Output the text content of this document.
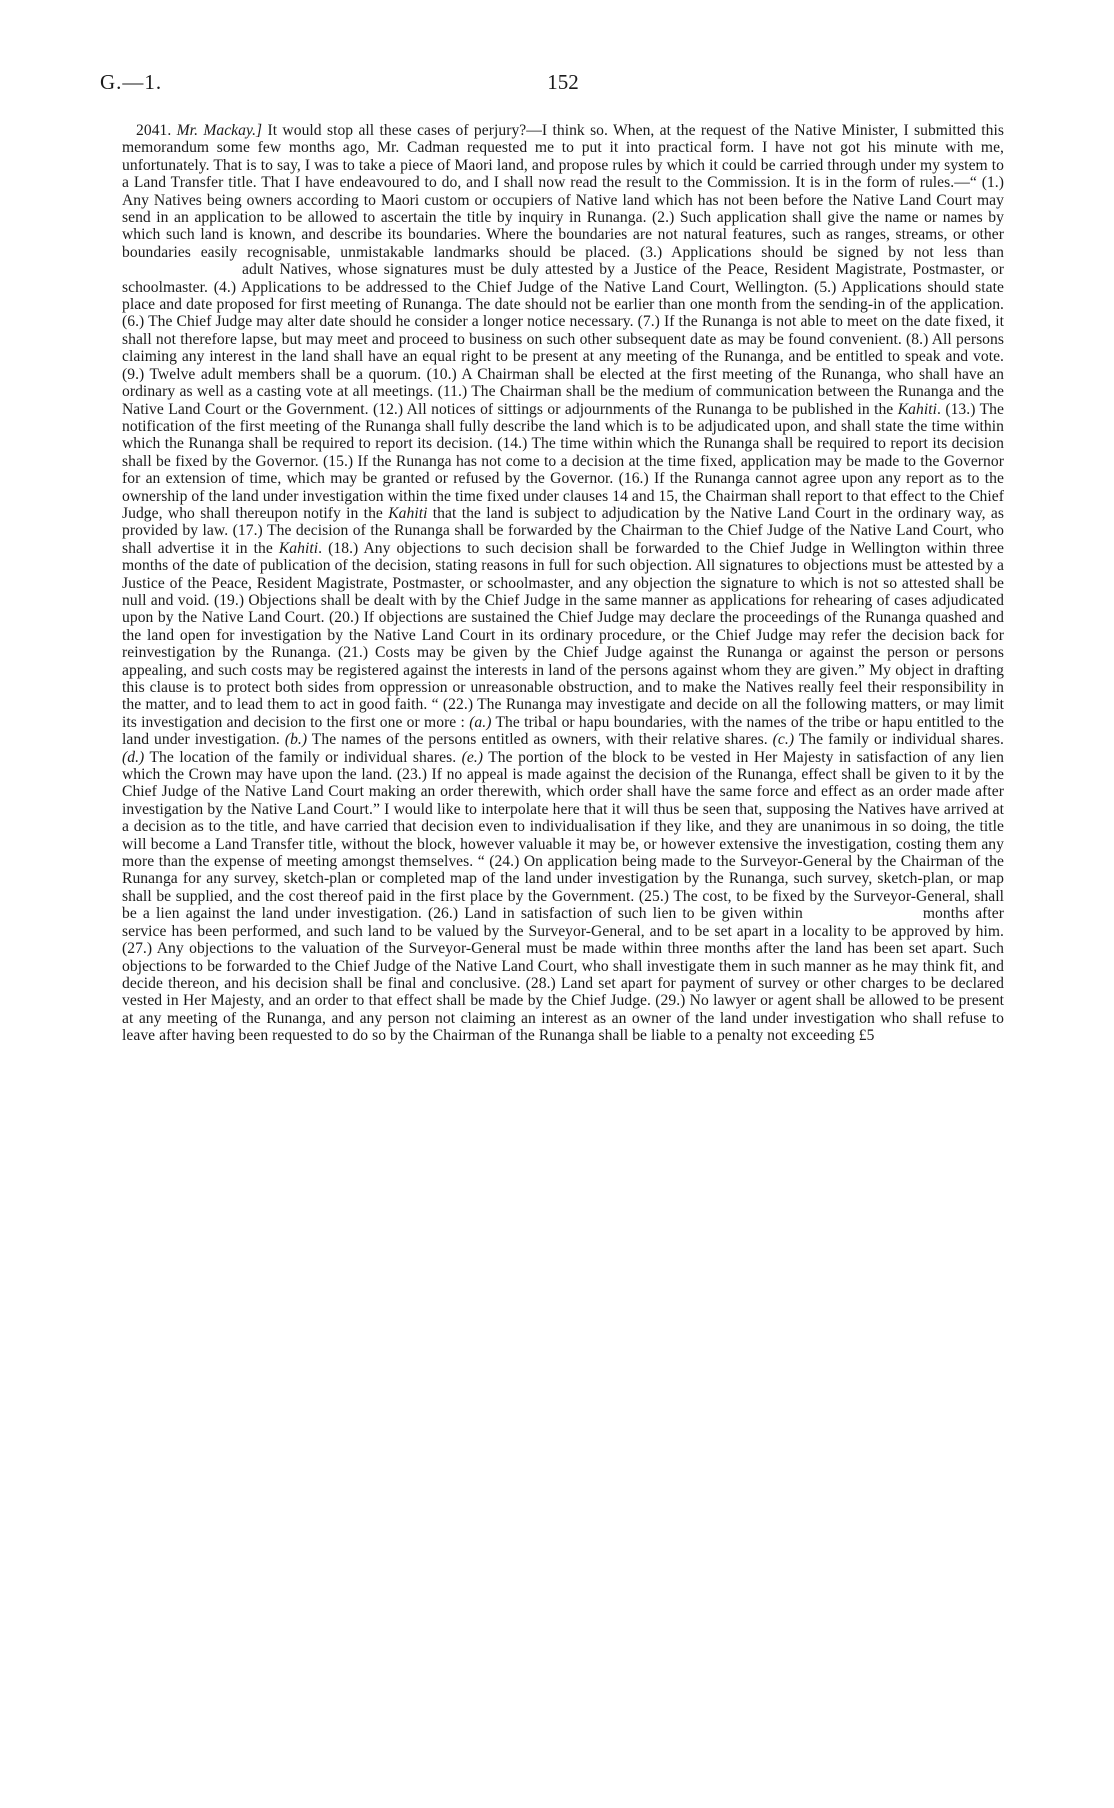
G.—1.	152

2041. Mr. Mackay.] It would stop all these cases of perjury?—I think so. When, at the request of the Native Minister, I submitted this memorandum some few months ago, Mr. Cadman requested me to put it into practical form. I have not got his minute with me, unfortunately. That is to say, I was to take a piece of Maori land, and propose rules by which it could be carried through under my system to a Land Transfer title. That I have endeavoured to do, and I shall now read the result to the Commission. It is in the form of rules.—“ (1.) Any Natives being owners according to Maori custom or occupiers of Native land which has not been before the Native Land Court may send in an application to be allowed to ascertain the title by inquiry in Runanga. (2.) Such application shall give the name or names by which such land is known, and describe its boundaries. Where the boundaries are not natural features, such as ranges, streams, or other boundaries easily recognisable, unmistakable landmarks should be placed. (3.) Applications should be signed by not less thanadult Natives, whose signatures must be duly attested by a Justice of the Peace, Resident Magistrate, Postmaster, or schoolmaster. (4.) Applications to be addressed to the Chief Judge of the Native Land Court, Wellington. (5.) Applications should state place and date proposed for first meeting of Runanga. The date should not be earlier than one month from the sending-in of the application. (6.) The Chief Judge may alter date should he consider a longer notice necessary. (7.) If the Runanga is not able to meet on the date fixed, it shall not therefore lapse, but may meet and proceed to business on such other subsequent date as may be found convenient. (8.) All persons claiming any interest in the land shall have an equal right to be present at any meeting of the Runanga, and be entitled to speak and vote. (9.) Twelve adult members shall be a quorum. (10.) A Chairman shall be elected at the first meeting of the Runanga, who shall have an ordinary as well as a casting vote at all meetings. (11.) The Chairman shall be the medium of communication between the Runanga and the Native Land Court or the Government. (12.) All notices of sittings or adjournments of the Runanga to be published in the Kahiti. (13.) The notification of the first meeting of the Runanga shall fully describe the land which is to be adjudicated upon, and shall state the time within which the Runanga shall be required to report its decision. (14.) The time within which the Runanga shall be required to report its decision shall be fixed by the Governor. (15.) If the Runanga has not come to a decision at the time fixed, application may be made to the Governor for an extension of time, which may be granted or refused by the Governor. (16.) If the Runanga cannot agree upon any report as to the ownership of the land under investigation within the time fixed under clauses 14 and 15, the Chairman shall report to that effect to the Chief Judge, who shall thereupon notify in the Kahiti that the land is subject to adjudication by the Native Land Court in the ordinary way, as provided by law. (17.) The decision of the Runanga shall be forwarded by the Chairman to the Chief Judge of the Native Land Court, who shall advertise it in the Kahiti. (18.) Any objections to such decision shall be forwarded to the Chief Judge in Wellington within three months of the date of publication of the decision, stating reasons in full for such objection. All signatures to objections must be attested by a Justice of the Peace, Resident Magistrate, Postmaster, or schoolmaster, and any objection the signature to which is not so attested shall be null and void. (19.) Objections shall be dealt with by the Chief Judge in the same manner as applications for rehearing of cases adjudicated upon by the Native Land Court. (20.) If objections are sustained the Chief Judge may declare the proceedings of the Runanga quashed and the land open for investigation by the Native Land Court in its ordinary procedure, or the Chief Judge may refer the decision back for reinvestigation by the Runanga. (21.) Costs may be given by the Chief Judge against the Runanga or against the person or persons appealing, and such costs may be registered against the interests in land of the persons against whom they are given.” My object in drafting this clause is to protect both sides from oppression or unreasonable obstruction, and to make the Natives really feel their responsibility in the matter, and to lead them to act in good faith. “ (22.) The Runanga may investigate and decide on all the following matters, or may limit its investigation and decision to the first one or more : (a.) The tribal or hapu boundaries, with the names of the tribe or hapu entitled to the land under investigation. (b.) The names of the persons entitled as owners, with their relative shares. (c.) The family or individual shares. (d.) The location of the family or individual shares. (e.) The portion of the block to be vested in Her Majesty in satisfaction of any lien which the Crown may have upon the land. (23.) If no appeal is made against the decision of the Runanga, effect shall be given to it by the Chief Judge of the Native Land Court making an order therewith, which order shall have the same force and effect as an order made after investigation by the Native Land Court.” I would like to interpolate here that it will thus be seen that, supposing the Natives have arrived at a decision as to the title, and have carried that decision even to individualisation if they like, and they are unanimous in so doing, the title will become a Land Transfer title, without the block, however valuable it may be, or however extensive the investigation, costing them any more than the expense of meeting amongst themselves. “ (24.) On application being made to the Surveyor-General by the Chairman of the Runanga for any survey, sketch-plan or completed map of the land under investigation by the Runanga, such survey, sketch-plan, or map shall be supplied, and the cost thereof paid in the first place by the Government. (25.) The cost, to be fixed by the Surveyor-General, shall be a lien against the land under investigation. (26.) Land in satisfaction of such lien to be given within	months after service has been performed, and such land to be valued by the Surveyor-General, and to be set apart in a locality to be approved by him. (27.) Any objections to the valuation of the Surveyor-General must be made within three months after the land has been set apart. Such objections to be forwarded to the Chief Judge of the Native Land Court, who shall investigate them in such manner as he may think fit, and decide thereon, and his decision shall be final and conclusive. (28.) Land set apart for payment of survey or other charges to be declared vested in Her Majesty, and an order to that effect shall be made by the Chief Judge. (29.) No lawyer or agent shall be allowed to be present at any meeting of the Runanga, and any person not claiming an interest as an owner of the land under investigation who shall refuse to leave after having been requested to do so by the Chairman of the Runanga shall be liable to a penalty not exceeding £5
